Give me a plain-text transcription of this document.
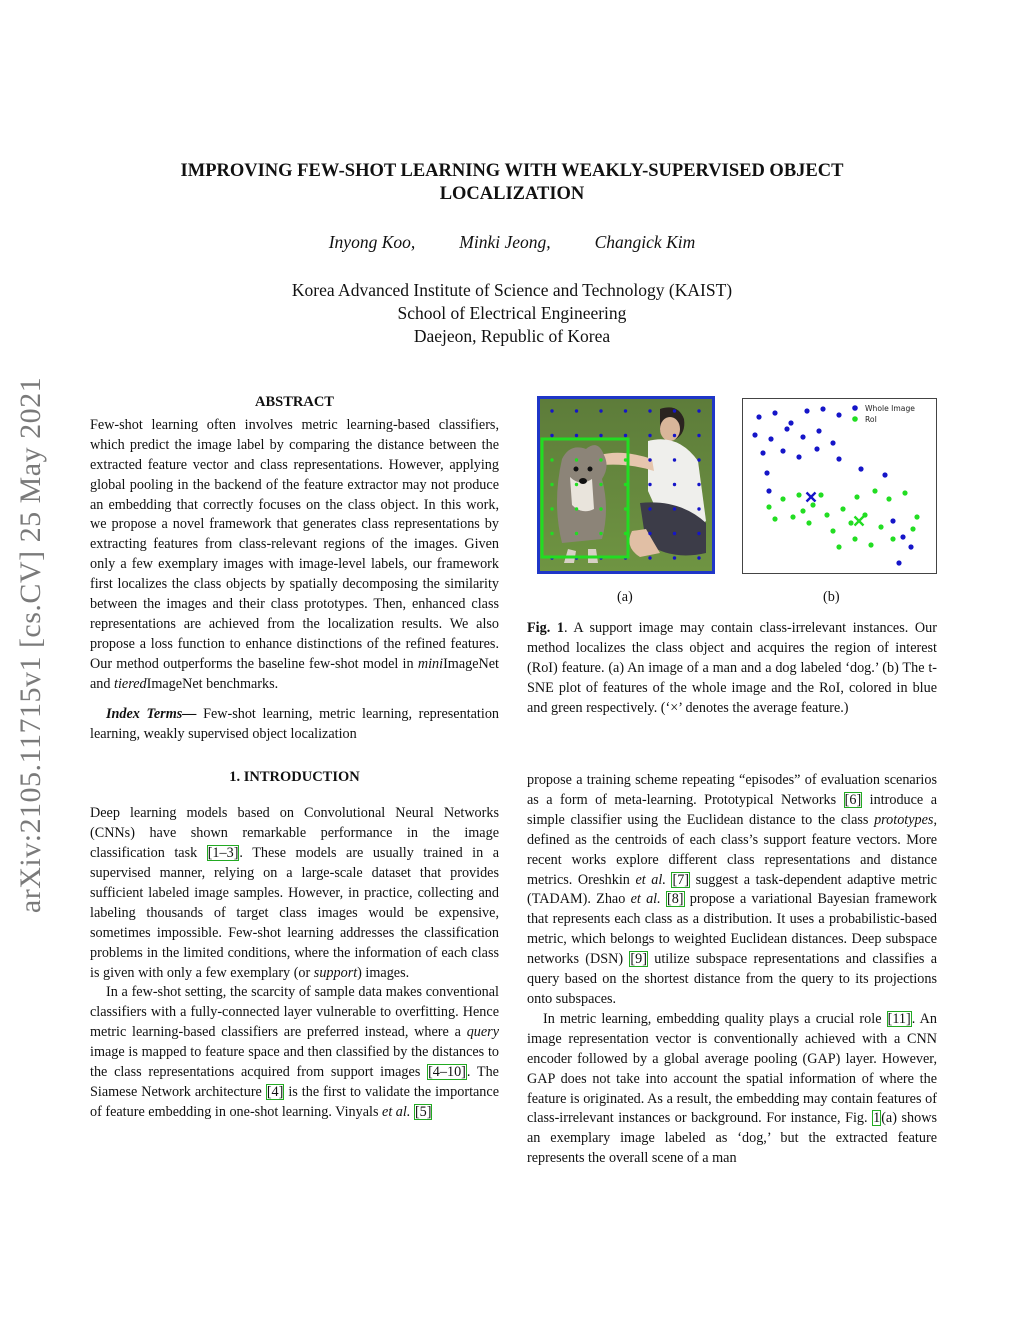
arXiv:2105.11715v1 [cs.CV] 25 May 2021
IMPROVING FEW-SHOT LEARNING WITH WEAKLY-SUPERVISED OBJECT
LOCALIZATION
Inyong Koo,	Minki Jeong,	Changick Kim
Korea Advanced Institute of Science and Technology (KAIST)
School of Electrical Engineering
Daejeon, Republic of Korea
ABSTRACT

Few-shot learning often involves metric learning-based classifiers, which predict the image label by comparing the distance between the extracted feature vector and class representations. However, applying global pooling in the backend of the feature extractor may not produce an embedding that correctly focuses on the class object. In this work, we propose a novel framework that generates class representations by extracting features from class-relevant regions of the images. Given only a few exemplary images with image-level labels, our framework first localizes the class objects by spatially decomposing the similarity between the images and their class prototypes. Then, enhanced class representations are achieved from the localization results. We also propose a loss function to enhance distinctions of the refined features. Our method outperforms the baseline few-shot model in miniImageNet and tieredImageNet benchmarks.

Index Terms— Few-shot learning, metric learning, representation learning, weakly supervised object localization

1. INTRODUCTION

Deep learning models based on Convolutional Neural Networks (CNNs) have shown remarkable performance in the image classification task [1–3]. These models are usually trained in a supervised manner, relying on a large-scale dataset that provides sufficient labeled image samples. However, in practice, collecting and labeling thousands of target class images would be expensive, sometimes impossible. Few-shot learning addresses the classification problems in the limited conditions, where the information of each class is given with only a few exemplary (or support) images.

In a few-shot setting, the scarcity of sample data makes conventional classifiers with a fully-connected layer vulnerable to overfitting. Hence metric learning-based classifiers are preferred instead, where a query image is mapped to feature space and then classified by the distances to the class representations acquired from support images [4–10]. The Siamese Network architecture [4] is the first to validate the importance of feature embedding in one-shot learning. Vinyals et al. [5]

Whole Image
RoI
(a)	(b)
Fig. 1. A support image may contain class-irrelevant instances. Our method localizes the class object and acquires the region of interest (RoI) feature. (a) An image of a man and a dog labeled ‘dog.’ (b) The t-SNE plot of features of the whole image and the RoI, colored in blue and green respectively. (‘×’ denotes the average feature.)

propose a training scheme repeating “episodes” of evaluation scenarios as a form of meta-learning. Prototypical Networks [6] introduce a simple classifier using the Euclidean distance to the class prototypes, defined as the centroids of each class’s support feature vectors. More recent works explore different class representations and distance metrics. Oreshkin et al. [7] suggest a task-dependent adaptive metric (TADAM). Zhao et al. [8] propose a variational Bayesian framework that represents each class as a distribution. It uses a probabilistic-based metric, which belongs to weighted Euclidean distances. Deep subspace networks (DSN) [9] utilize subspace representations and classifies a query based on the shortest distance from the query to its projections onto subspaces.

In metric learning, embedding quality plays a crucial role [11]. An image representation vector is conventionally achieved with a CNN encoder followed by a global average pooling (GAP) layer. However, GAP does not take into account the spatial information of where the feature is originated. As a result, the embedding may contain features of class-irrelevant instances or background. For instance, Fig. 1(a) shows an exemplary image labeled as ‘dog,’ but the extracted feature represents the overall scene of a man
